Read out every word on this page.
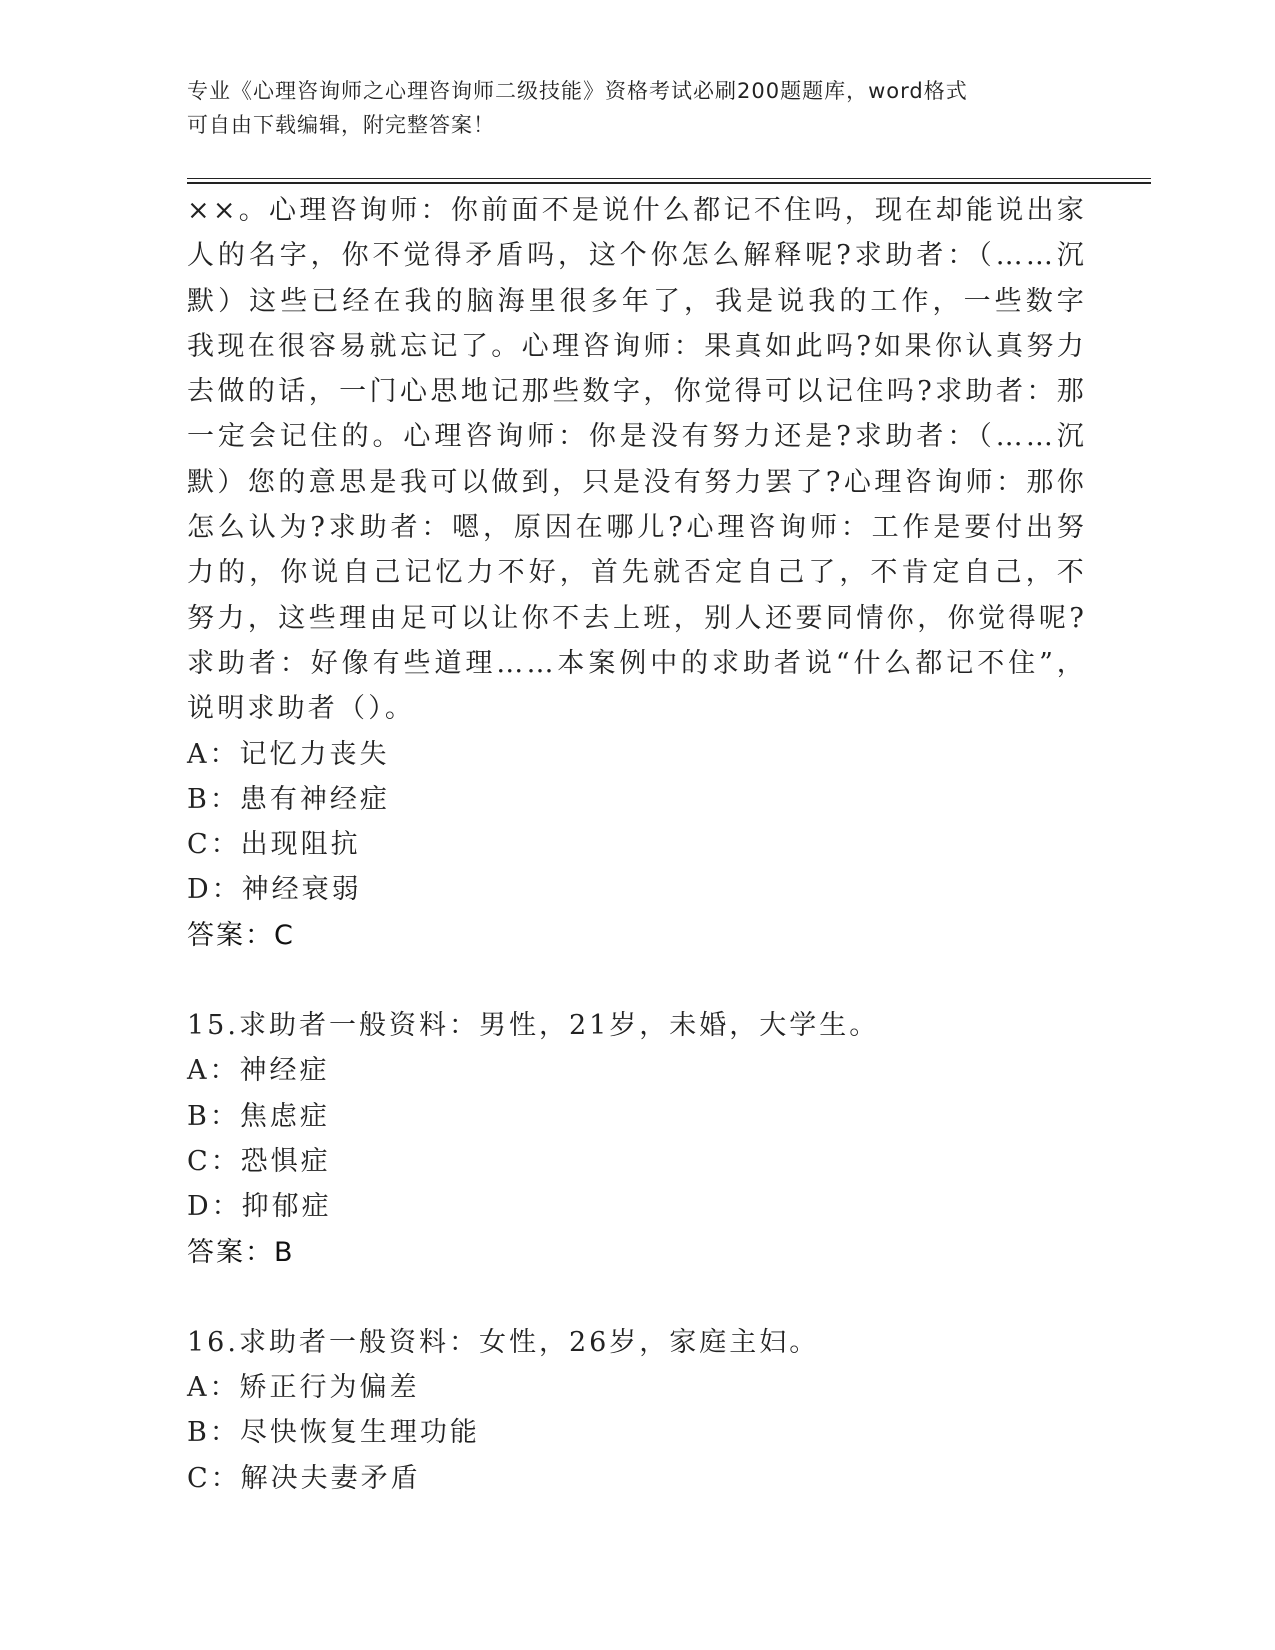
专业《心理咨询师之心理咨询师二级技能》资格考试必刷200题题库，word格式
可自由下载编辑，附完整答案！

××。心理咨询师：你前面不是说什么都记不住吗，现在却能说出家人的名字，你不觉得矛盾吗，这个你怎么解释呢?求助者：（……沉默）这些已经在我的脑海里很多年了，我是说我的工作，一些数字我现在很容易就忘记了。心理咨询师：果真如此吗?如果你认真努力去做的话，一门心思地记那些数字，你觉得可以记住吗?求助者：那一定会记住的。心理咨询师：你是没有努力还是?求助者：（……沉默）您的意思是我可以做到，只是没有努力罢了?心理咨询师：那你怎么认为?求助者：嗯，原因在哪儿?心理咨询师：工作是要付出努力的，你说自己记忆力不好，首先就否定自己了，不肯定自己，不努力，这些理由足可以让你不去上班，别人还要同情你，你觉得呢?求助者：好像有些道理……本案例中的求助者说“什么都记不住”，说明求助者（）。

A：记忆力丧失

B：患有神经症

C：出现阻抗

D：神经衰弱

答案：C

15.求助者一般资料：男性，21岁，未婚，大学生。

A：神经症

B：焦虑症

C：恐惧症

D：抑郁症

答案：B

16.求助者一般资料：女性，26岁，家庭主妇。

A：矫正行为偏差

B：尽快恢复生理功能

C：解决夫妻矛盾
